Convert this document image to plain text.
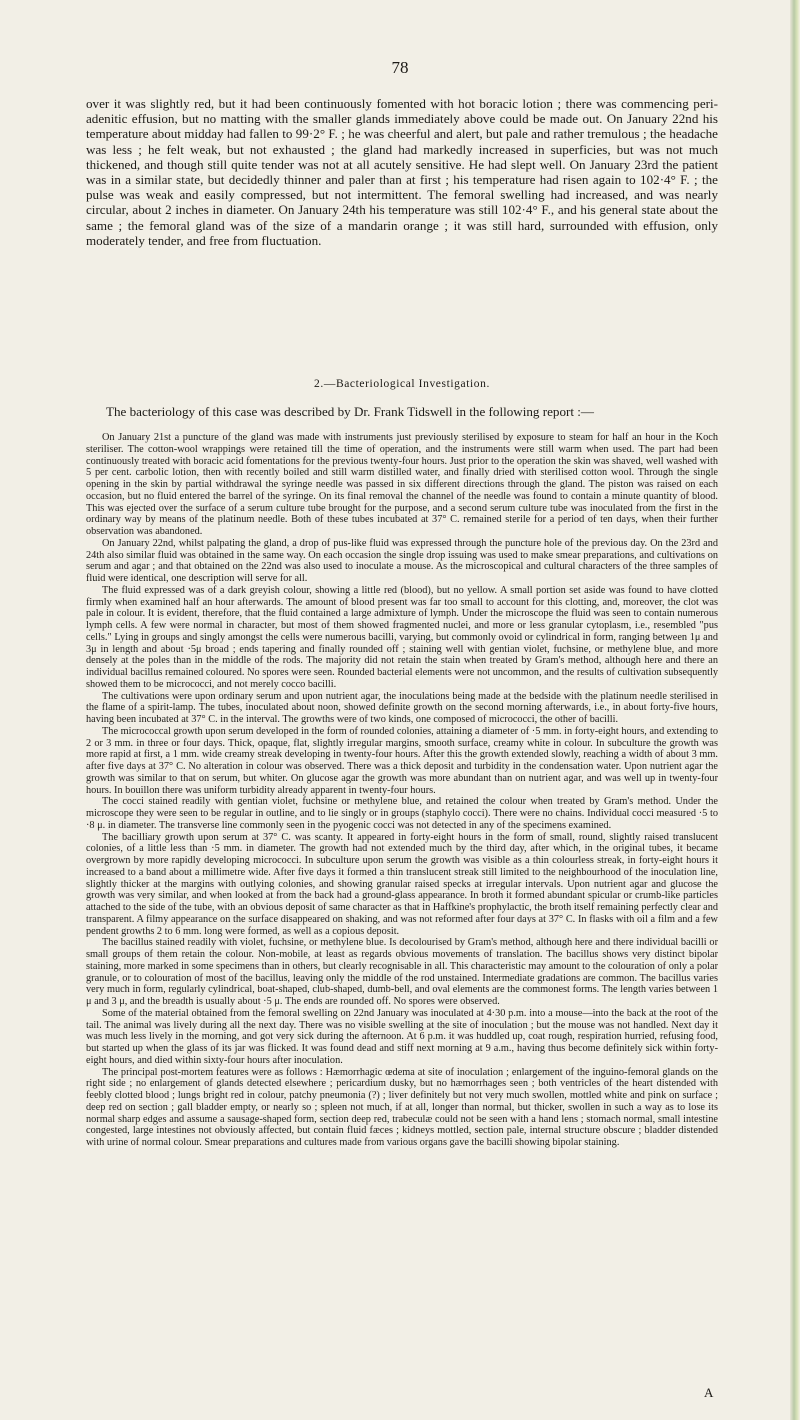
78

over it was slightly red, but it had been continuously fomented with hot boracic lotion ; there was commencing peri-adenitic effusion, but no matting with the smaller glands immediately above could be made out. On January 22nd his temperature about midday had fallen to 99·2° F. ; he was cheerful and alert, but pale and rather tremulous ; the headache was less ; he felt weak, but not exhausted ; the gland had markedly increased in superficies, but was not much thickened, and though still quite tender was not at all acutely sensitive. He had slept well. On January 23rd the patient was in a similar state, but decidedly thinner and paler than at first ; his temperature had risen again to 102·4° F. ; the pulse was weak and easily compressed, but not intermittent. The femoral swelling had increased, and was nearly circular, about 2 inches in diameter. On January 24th his temperature was still 102·4° F., and his general state about the same ; the femoral gland was of the size of a mandarin orange ; it was still hard, surrounded with effusion, only moderately tender, and free from fluctuation.

2.—Bacteriological Investigation.

The bacteriology of this case was described by Dr. Frank Tidswell in the following report :—

On January 21st a puncture of the gland was made with instruments just previously sterilised by exposure to steam for half an hour in the Koch steriliser. The cotton-wool wrappings were retained till the time of operation, and the instruments were still warm when used. The part had been continuously treated with boracic acid fomentations for the previous twenty-four hours. Just prior to the operation the skin was shaved, well washed with 5 per cent. carbolic lotion, then with recently boiled and still warm distilled water, and finally dried with sterilised cotton wool. Through the single opening in the skin by partial withdrawal the syringe needle was passed in six different directions through the gland. The piston was raised on each occasion, but no fluid entered the barrel of the syringe. On its final removal the channel of the needle was found to contain a minute quantity of blood. This was ejected over the surface of a serum culture tube brought for the purpose, and a second serum culture tube was inoculated from the first in the ordinary way by means of the platinum needle. Both of these tubes incubated at 37° C. remained sterile for a period of ten days, when their further observation was abandoned.

On January 22nd, whilst palpating the gland, a drop of pus-like fluid was expressed through the puncture hole of the previous day. On the 23rd and 24th also similar fluid was obtained in the same way. On each occasion the single drop issuing was used to make smear preparations, and cultivations on serum and agar ; and that obtained on the 22nd was also used to inoculate a mouse. As the microscopical and cultural characters of the three samples of fluid were identical, one description will serve for all.

The fluid expressed was of a dark greyish colour, showing a little red (blood), but no yellow. A small portion set aside was found to have clotted firmly when examined half an hour afterwards. The amount of blood present was far too small to account for this clotting, and, moreover, the clot was pale in colour. It is evident, therefore, that the fluid contained a large admixture of lymph. Under the microscope the fluid was seen to contain numerous lymph cells. A few were normal in character, but most of them showed fragmented nuclei, and more or less granular cytoplasm, i.e., resembled "pus cells." Lying in groups and singly amongst the cells were numerous bacilli, varying, but commonly ovoid or cylindrical in form, ranging between 1μ and 3μ in length and about ·5μ broad ; ends tapering and finally rounded off ; staining well with gentian violet, fuchsine, or methylene blue, and more densely at the poles than in the middle of the rods. The majority did not retain the stain when treated by Gram's method, although here and there an individual bacillus remained coloured. No spores were seen. Rounded bacterial elements were not uncommon, and the results of cultivation subsequently showed them to be micrococci, and not merely cocco bacilli.

The cultivations were upon ordinary serum and upon nutrient agar, the inoculations being made at the bedside with the platinum needle sterilised in the flame of a spirit-lamp. The tubes, inoculated about noon, showed definite growth on the second morning afterwards, i.e., in about forty-five hours, having been incubated at 37° C. in the interval. The growths were of two kinds, one composed of micrococci, the other of bacilli.

The micrococcal growth upon serum developed in the form of rounded colonies, attaining a diameter of ·5 mm. in forty-eight hours, and extending to 2 or 3 mm. in three or four days. Thick, opaque, flat, slightly irregular margins, smooth surface, creamy white in colour. In subculture the growth was more rapid at first, a 1 mm. wide creamy streak developing in twenty-four hours. After this the growth extended slowly, reaching a width of about 3 mm. after five days at 37° C. No alteration in colour was observed. There was a thick deposit and turbidity in the condensation water. Upon nutrient agar the growth was similar to that on serum, but whiter. On glucose agar the growth was more abundant than on nutrient agar, and was well up in twenty-four hours. In bouillon there was uniform turbidity already apparent in twenty-four hours.

The cocci stained readily with gentian violet, fuchsine or methylene blue, and retained the colour when treated by Gram's method. Under the microscope they were seen to be regular in outline, and to lie singly or in groups (staphylo cocci). There were no chains. Individual cocci measured ·5 to ·8 μ. in diameter. The transverse line commonly seen in the pyogenic cocci was not detected in any of the specimens examined.

The bacilliary growth upon serum at 37° C. was scanty. It appeared in forty-eight hours in the form of small, round, slightly raised translucent colonies, of a little less than ·5 mm. in diameter. The growth had not extended much by the third day, after which, in the original tubes, it became overgrown by more rapidly developing micrococci. In subculture upon serum the growth was visible as a thin colourless streak, in forty-eight hours it increased to a band about a millimetre wide. After five days it formed a thin translucent streak still limited to the neighbourhood of the inoculation line, slightly thicker at the margins with outlying colonies, and showing granular raised specks at irregular intervals. Upon nutrient agar and glucose the growth was very similar, and when looked at from the back had a ground-glass appearance. In broth it formed abundant spicular or crumb-like particles attached to the side of the tube, with an obvious deposit of same character as that in Haffkine's prophylactic, the broth itself remaining perfectly clear and transparent. A filmy appearance on the surface disappeared on shaking, and was not reformed after four days at 37° C. In flasks with oil a film and a few pendent growths 2 to 6 mm. long were formed, as well as a copious deposit.

The bacillus stained readily with violet, fuchsine, or methylene blue. Is decolourised by Gram's method, although here and there individual bacilli or small groups of them retain the colour. Non-mobile, at least as regards obvious movements of translation. The bacillus shows very distinct bipolar staining, more marked in some specimens than in others, but clearly recognisable in all. This characteristic may amount to the colouration of only a polar granule, or to colouration of most of the bacillus, leaving only the middle of the rod unstained. Intermediate gradations are common. The bacillus varies very much in form, regularly cylindrical, boat-shaped, club-shaped, dumb-bell, and oval elements are the commonest forms. The length varies between 1 μ and 3 μ, and the breadth is usually about ·5 μ. The ends are rounded off. No spores were observed.

Some of the material obtained from the femoral swelling on 22nd January was inoculated at 4·30 p.m. into a mouse—into the back at the root of the tail. The animal was lively during all the next day. There was no visible swelling at the site of inoculation ; but the mouse was not handled. Next day it was much less lively in the morning, and got very sick during the afternoon. At 6 p.m. it was huddled up, coat rough, respiration hurried, refusing food, but started up when the glass of its jar was flicked. It was found dead and stiff next morning at 9 a.m., having thus become definitely sick within forty-eight hours, and died within sixty-four hours after inoculation.

The principal post-mortem features were as follows : Hæmorrhagic œdema at site of inoculation ; enlargement of the inguino-femoral glands on the right side ; no enlargement of glands detected elsewhere ; pericardium dusky, but no hæmorrhages seen ; both ventricles of the heart distended with feebly clotted blood ; lungs bright red in colour, patchy pneumonia (?) ; liver definitely but not very much swollen, mottled white and pink on surface ; deep red on section ; gall bladder empty, or nearly so ; spleen not much, if at all, longer than normal, but thicker, swollen in such a way as to lose its normal sharp edges and assume a sausage-shaped form, section deep red, trabeculæ could not be seen with a hand lens ; stomach normal, small intestine congested, large intestines not obviously affected, but contain fluid fæces ; kidneys mottled, section pale, internal structure obscure ; bladder distended with urine of normal colour. Smear preparations and cultures made from various organs gave the bacilli showing bipolar staining.

A
